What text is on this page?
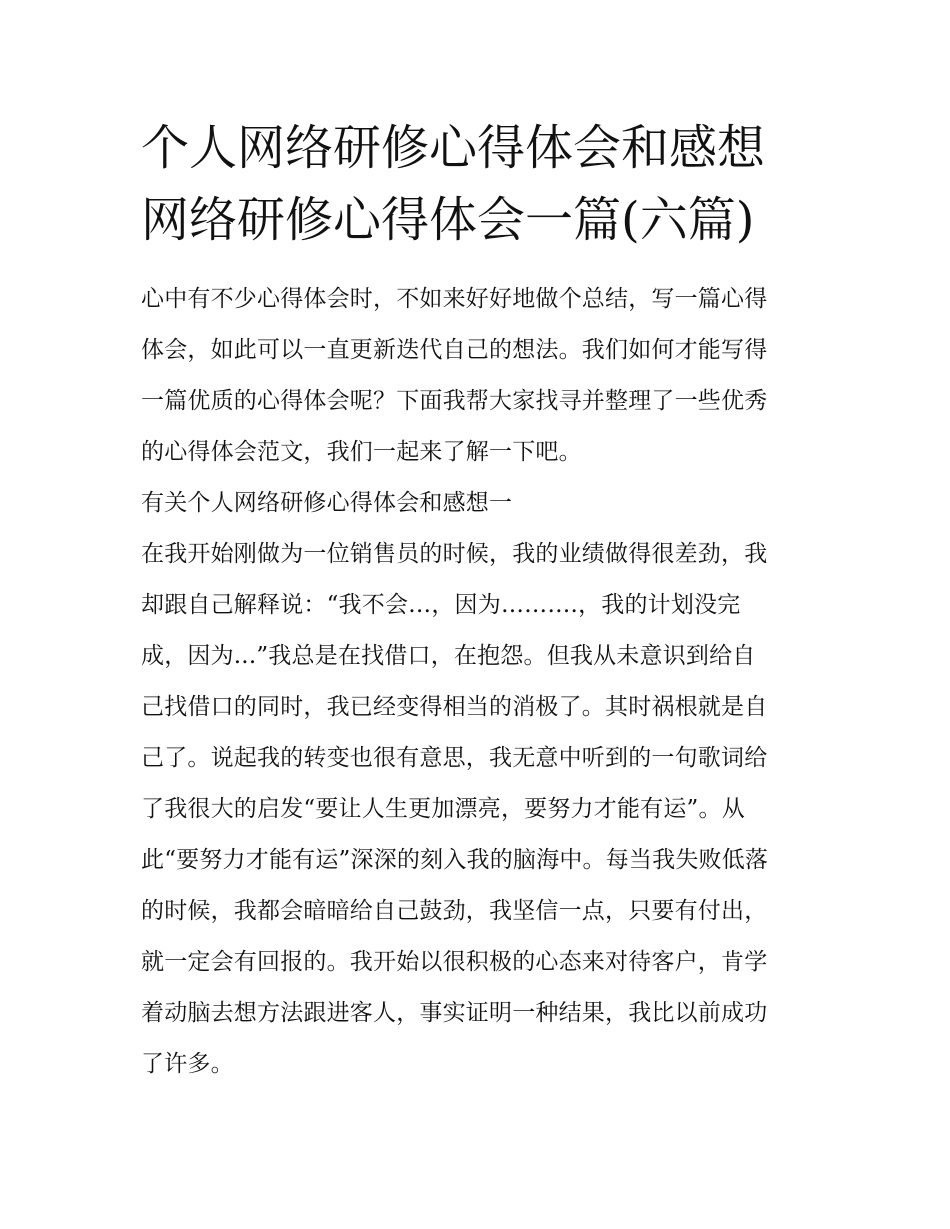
个人网络研修心得体会和感想
网络研修心得体会一篇(六篇)
心中有不少心得体会时，不如来好好地做个总结，写一篇心得
体会，如此可以一直更新迭代自己的想法。我们如何才能写得
一篇优质的心得体会呢？下面我帮大家找寻并整理了一些优秀
的心得体会范文，我们一起来了解一下吧。
有关个人网络研修心得体会和感想一
在我开始刚做为一位销售员的时候，我的业绩做得很差劲，我
却跟自己解释说：“我不会…，因为……….，我的计划没完
成，因为...”我总是在找借口，在抱怨。但我从未意识到给自
己找借口的同时，我已经变得相当的消极了。其时祸根就是自
己了。说起我的转变也很有意思，我无意中听到的一句歌词给
了我很大的启发“要让人生更加漂亮，要努力才能有运”。从
此“要努力才能有运”深深的刻入我的脑海中。每当我失败低落
的时候，我都会暗暗给自己鼓劲，我坚信一点，只要有付出，
就一定会有回报的。我开始以很积极的心态来对待客户，肯学
着动脑去想方法跟进客人，事实证明一种结果，我比以前成功
了许多。
